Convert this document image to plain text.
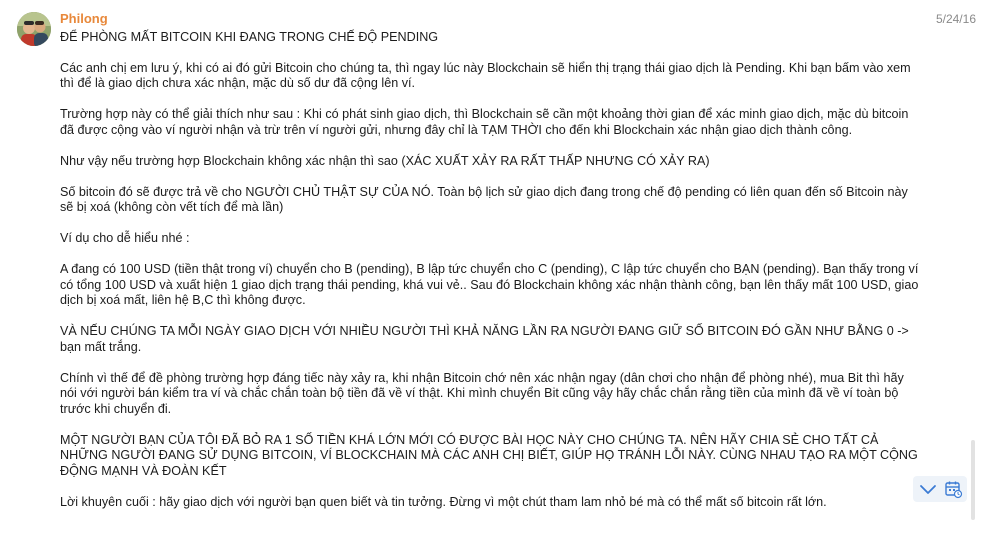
Philong	5/24/16

ĐỂ PHÒNG MẤT BITCOIN KHI ĐANG TRONG CHẾ ĐỘ PENDING

Các anh chị em lưu ý, khi có ai đó gửi Bitcoin cho chúng ta, thì ngay lúc này Blockchain sẽ hiển thị trạng thái giao dịch là Pending. Khi bạn bấm vào xem thì để là giao dịch chưa xác nhận, mặc dù số dư đã cộng lên ví.

Trường hợp này có thể giải thích như sau : Khi có phát sinh giao dịch, thì Blockchain sẽ cần một khoảng thời gian để xác minh giao dịch, mặc dù bitcoin đã được cộng vào ví người nhận và trừ trên ví người gửi, nhưng đây chỉ là TẠM THỜI cho đến khi Blockchain xác nhận giao dịch thành công.

Như vậy nếu trường hợp Blockchain không xác nhận thì sao (XÁC XUẤT XẢY RA RẤT THẤP NHƯNG CÓ XẢY RA)

Số bitcoin đó sẽ được trả về cho NGƯỜI CHỦ THẬT SỰ CỦA NÓ. Toàn bộ lịch sử giao dịch đang trong chế độ pending có liên quan đến số Bitcoin này sẽ bị xoá (không còn vết tích để mà lần)

Ví dụ cho dễ hiểu nhé :

A đang có 100 USD (tiền thật trong ví) chuyển cho B (pending), B lập tức chuyển cho C (pending), C lập tức chuyển cho BẠN (pending). Bạn thấy trong ví có tổng 100 USD và xuất hiện 1 giao dịch trạng thái pending, khá vui vẻ.. Sau đó Blockchain không xác nhận thành công, bạn lên thấy mất 100 USD, giao dịch bị xoá mất, liên hệ B,C thì không được.

VÀ NẾU CHÚNG TA MỖI NGÀY GIAO DỊCH VỚI NHIỀU NGƯỜI THÌ KHẢ NĂNG LẦN RA NGƯỜI ĐANG GIỮ SỐ BITCOIN ĐÓ GẦN NHƯ BẰNG 0 -> bạn mất trắng.

Chính vì thế để đề phòng trường hợp đáng tiếc này xảy ra, khi nhận Bitcoin chớ nên xác nhận ngay (dân chơi cho nhận để phòng nhé), mua Bit thì hãy nói với người bán kiểm tra ví và chắc chắn toàn bộ tiền đã về ví thật. Khi mình chuyển Bit cũng vậy hãy chắc chắn rằng tiền của mình đã về ví toàn bộ trước khi chuyển đi.

MỘT NGƯỜI BẠN CỦA TÔI ĐÃ BỎ RA 1 SỐ TIỀN KHÁ LỚN MỚI CÓ ĐƯỢC BÀI HỌC NÀY CHO CHÚNG TA. NÊN HÃY CHIA SẺ CHO TẤT CẢ NHỮNG NGƯỜI ĐANG SỬ DỤNG BITCOIN, VÍ BLOCKCHAIN MÀ CÁC ANH CHỊ BIẾT, GIÚP HỌ TRÁNH LỖI NÀY. CÙNG NHAU TẠO RA MỘT CỘNG ĐỘNG MẠNH VÀ ĐOÀN KẾT

Lời khuyên cuối : hãy giao dịch với người bạn quen biết và tin tưởng. Đừng vì một chút tham lam nhỏ bé mà có thể mất số bitcoin rất lớn.
